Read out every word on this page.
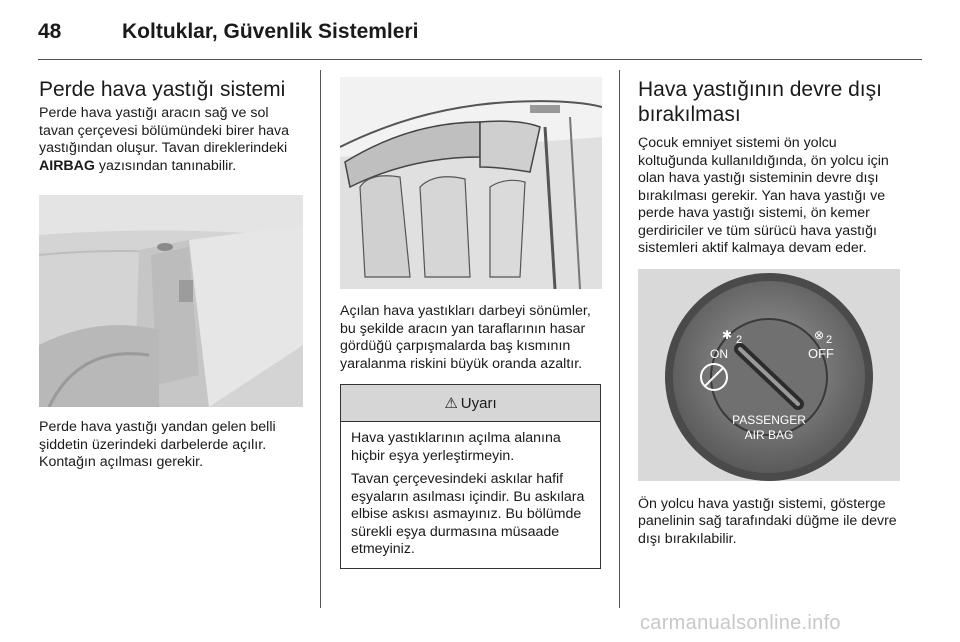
48	Koltuklar, Güvenlik Sistemleri
Perde hava yastığı sistemi

Perde hava yastığı aracın sağ ve sol tavan çerçevesi bölümündeki birer hava yastığından oluşur. Tavan direklerindeki AIRBAG yazısından tanınabilir.

Perde hava yastığı yandan gelen belli şiddetin üzerindeki darbelerde açılır. Kontağın açılması gerekir.

Açılan hava yastıkları darbeyi sönümler, bu şekilde aracın yan taraflarının hasar gördüğü çarpışmalarda baş kısmının yaralanma riskini büyük oranda azaltır.

⚠ Uyarı

Hava yastıklarının açılma alanına hiçbir eşya yerleştirmeyin.

Tavan çerçevesindeki askılar hafif eşyaların asılması içindir. Bu askılara elbise askısı asmayınız. Bu bölümde sürekli eşya durmasına müsaade etmeyiniz.

Hava yastığının devre dışı bırakılması

Çocuk emniyet sistemi ön yolcu koltuğunda kullanıldığında, ön yolcu için olan hava yastığı sisteminin devre dışı bırakılması gerekir. Yan hava yastığı ve perde hava yastığı sistemi, ön kemer gerdiriciler ve tüm sürücü hava yastığı sistemleri aktif kalmaya devam eder.

✱	⊗
2	2
ON	OFF
PASSENGER
AIR BAG

Ön yolcu hava yastığı sistemi, gösterge panelinin sağ tarafındaki düğme ile devre dışı bırakılabilir.

carmanualsonline.info
